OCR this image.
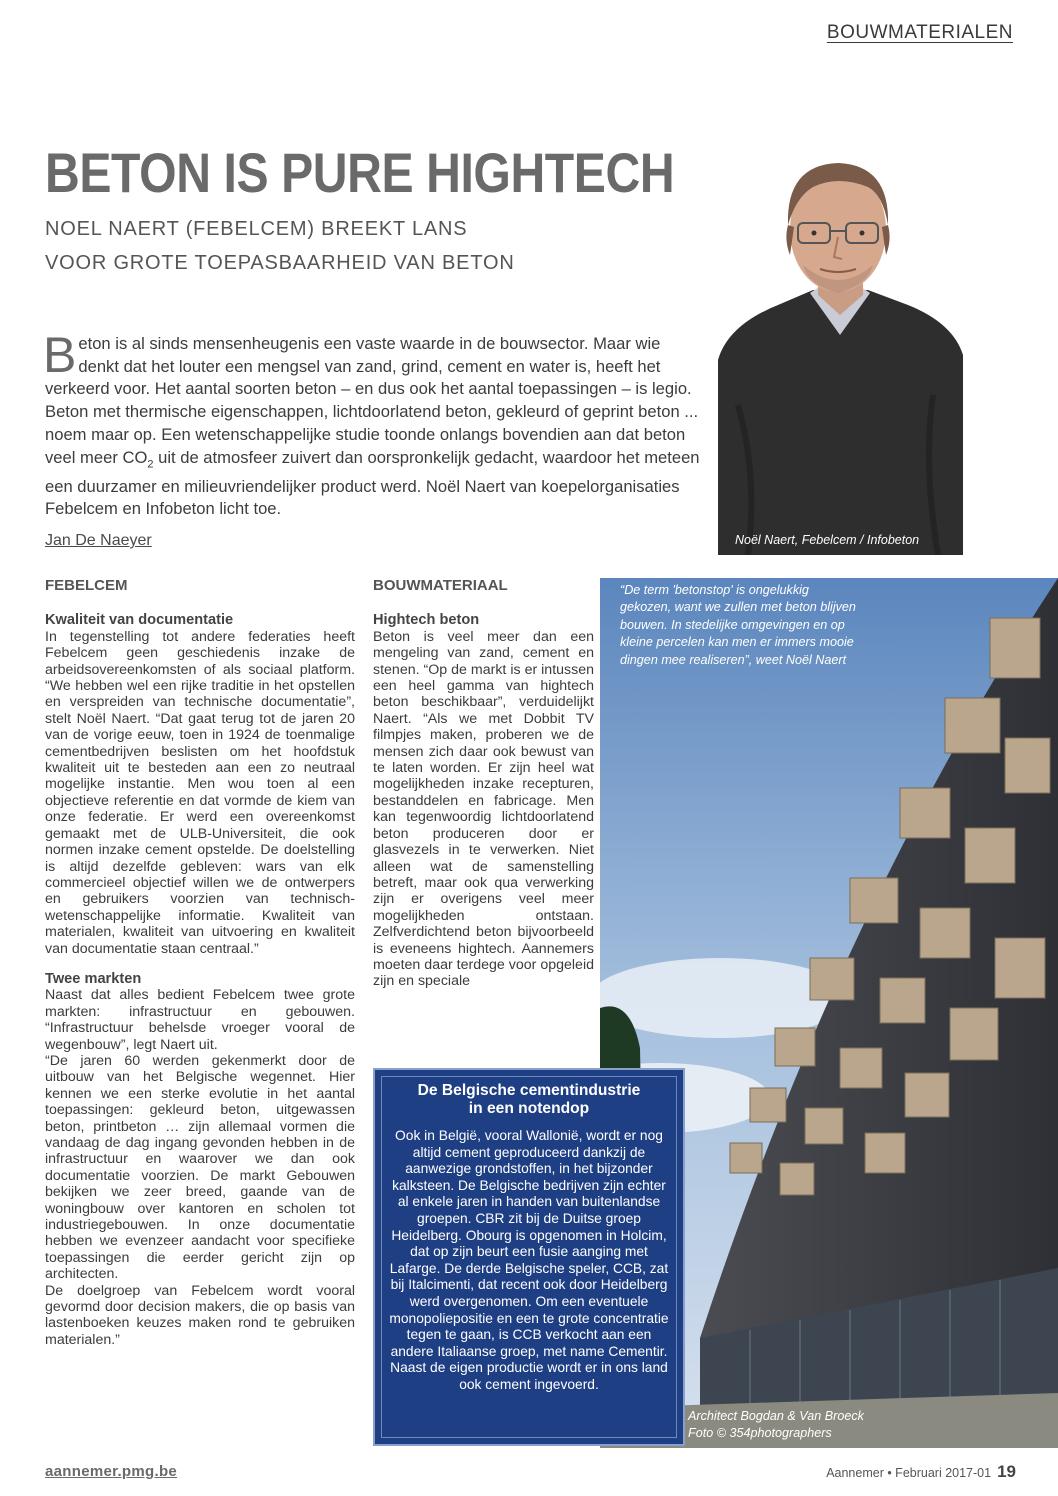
BOUWMATERIALEN
BETON IS PURE HIGHTECH
NOEL NAERT (FEBELCEM) BREEKT LANS
VOOR GROTE TOEPASBAARHEID VAN BETON
Beton is al sinds mensenheugenis een vaste waarde in de bouwsector. Maar wie denkt dat het louter een mengsel van zand, grind, cement en water is, heeft het verkeerd voor. Het aantal soorten beton – en dus ook het aantal toepassingen – is legio. Beton met thermische eigenschappen, lichtdoorlatend beton, gekleurd of geprint beton ... noem maar op. Een wetenschappelijke studie toonde onlangs bovendien aan dat beton veel meer $CO_2$ uit de atmosfeer zuivert dan oorspronkelijk gedacht, waardoor het meteen een duurzamer en milieuvriendelijker product werd. Noël Naert van koepelorganisaties Febelcem en Infobeton licht toe.
Jan De Naeyer	Noël Naert, Febelcem / Infobeton

FEBELCEM

Kwaliteit van documentatie

In tegenstelling tot andere federaties heeft Febelcem geen geschiedenis inzake de arbeidsovereenkomsten of als sociaal platform. “We hebben wel een rijke traditie in het opstellen en verspreiden van technische documentatie”, stelt Noël Naert. “Dat gaat terug tot de jaren 20 van de vorige eeuw, toen in 1924 de toenmalige cementbedrijven beslisten om het hoofdstuk kwaliteit uit te besteden aan een zo neutraal mogelijke instantie. Men wou toen al een objectieve referentie en dat vormde de kiem van onze federatie. Er werd een overeenkomst gemaakt met de ULB-Universiteit, die ook normen inzake cement opstelde. De doelstelling is altijd dezelfde gebleven: wars van elk commercieel objectief willen we de ontwerpers en gebruikers voorzien van technisch-wetenschappelijke informatie. Kwaliteit van materialen, kwaliteit van uitvoering en kwaliteit van documentatie staan centraal.”

Twee markten

Naast dat alles bedient Febelcem twee grote markten: infrastructuur en gebouwen. “Infrastructuur behelsde vroeger vooral de wegenbouw”, legt Naert uit.

“De jaren 60 werden gekenmerkt door de uitbouw van het Belgische wegennet. Hier kennen we een sterke evolutie in het aantal toepassingen: gekleurd beton, uitgewassen beton, printbeton … zijn allemaal vormen die vandaag de dag ingang gevonden hebben in de infrastructuur en waarover we dan ook documentatie voorzien. De markt Gebouwen bekijken we zeer breed, gaande van de woningbouw over kantoren en scholen tot industriegebouwen. In onze documentatie hebben we evenzeer aandacht voor specifieke toepassingen die eerder gericht zijn op architecten.

De doelgroep van Febelcem wordt vooral gevormd door decision makers, die op basis van lastenboeken keuzes maken rond te gebruiken materialen.”

BOUWMATERIAAL

Hightech beton

Beton is veel meer dan een mengeling van zand, cement en stenen. “Op de markt is er intussen een heel gamma van hightech beton beschikbaar”, verduidelijkt Naert. “Als we met Dobbit TV filmpjes maken, proberen we de mensen zich daar ook bewust van te laten worden. Er zijn heel wat mogelijkheden inzake recepturen, bestanddelen en fabricage. Men kan tegenwoordig lichtdoorlatend beton produceren door er glasvezels in te verwerken. Niet alleen wat de samenstelling betreft, maar ook qua verwerking zijn er overigens veel meer mogelijkheden ontstaan. Zelfverdichtend beton bijvoorbeeld is eveneens hightech. Aannemers moeten daar terdege voor opgeleid zijn en speciale

“De term 'betonstop' is ongelukkig gekozen, want we zullen met beton blijven bouwen. In stedelijke omgevingen en op kleine percelen kan men er immers mooie dingen mee realiseren”, weet Noël Naert
Architect Bogdan & Van Broeck
Foto © 354photographers
De Belgische cementindustrie
in een notendop
Ook in België, vooral Wallonië, wordt er nog altijd cement geproduceerd dankzij de aanwezige grondstoffen, in het bijzonder kalksteen. De Belgische bedrijven zijn echter al enkele jaren in handen van buitenlandse groepen. CBR zit bij de Duitse groep Heidelberg. Obourg is opgenomen in Holcim, dat op zijn beurt een fusie aanging met Lafarge. De derde Belgische speler, CCB, zat bij Italcimenti, dat recent ook door Heidelberg werd overgenomen. Om een eventuele monopoliepositie en een te grote concentratie tegen te gaan, is CCB verkocht aan een andere Italiaanse groep, met name Cementir. Naast de eigen productie wordt er in ons land ook cement ingevoerd.
aannemer.pmg.be	Aannemer • Februari 2017-01 19
